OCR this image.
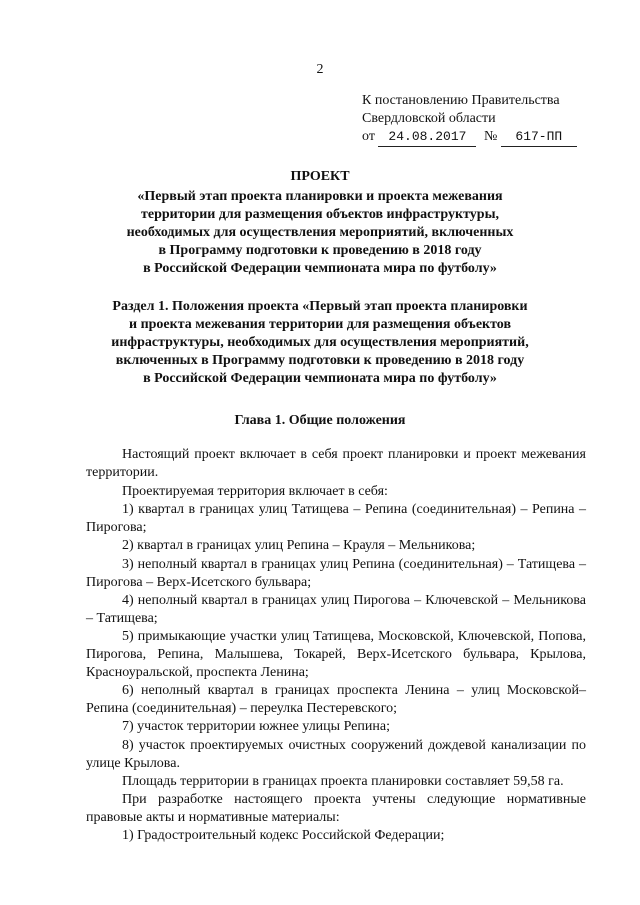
2
К постановлению Правительства
Свердловской области
от 24.08.2017 № 617-ПП
ПРОЕКТ
«Первый этап проекта планировки и проекта межевания
территории для размещения объектов инфраструктуры,
необходимых для осуществления мероприятий, включенных
в Программу подготовки к проведению в 2018 году
в Российской Федерации чемпионата мира по футболу»
Раздел 1. Положения проекта «Первый этап проекта планировки
и проекта межевания территории для размещения объектов
инфраструктуры, необходимых для осуществления мероприятий,
включенных в Программу подготовки к проведению в 2018 году
в Российской Федерации чемпионата мира по футболу»
Глава 1. Общие положения

Настоящий проект включает в себя проект планировки и проект межевания территории.

Проектируемая территория включает в себя:

1) квартал в границах улиц Татищева – Репина (соединительная) – Репина – Пирогова;

2) квартал в границах улиц Репина – Крауля – Мельникова;

3) неполный квартал в границах улиц Репина (соединительная) – Татищева – Пирогова – Верх-Исетского бульвара;

4) неполный квартал в границах улиц Пирогова – Ключевской – Мельникова – Татищева;

5) примыкающие участки улиц Татищева, Московской, Ключевской, Попова, Пирогова, Репина, Малышева, Токарей, Верх-Исетского бульвара, Крылова, Красноуральской, проспекта Ленина;

6) неполный квартал в границах проспекта Ленина – улиц Московской–Репина (соединительная) – переулка Пестеревского;

7) участок территории южнее улицы Репина;

8) участок проектируемых очистных сооружений дождевой канализации по улице Крылова.

Площадь территории в границах проекта планировки составляет 59,58 га.

При разработке настоящего проекта учтены следующие нормативные правовые акты и нормативные материалы:

1) Градостроительный кодекс Российской Федерации;
